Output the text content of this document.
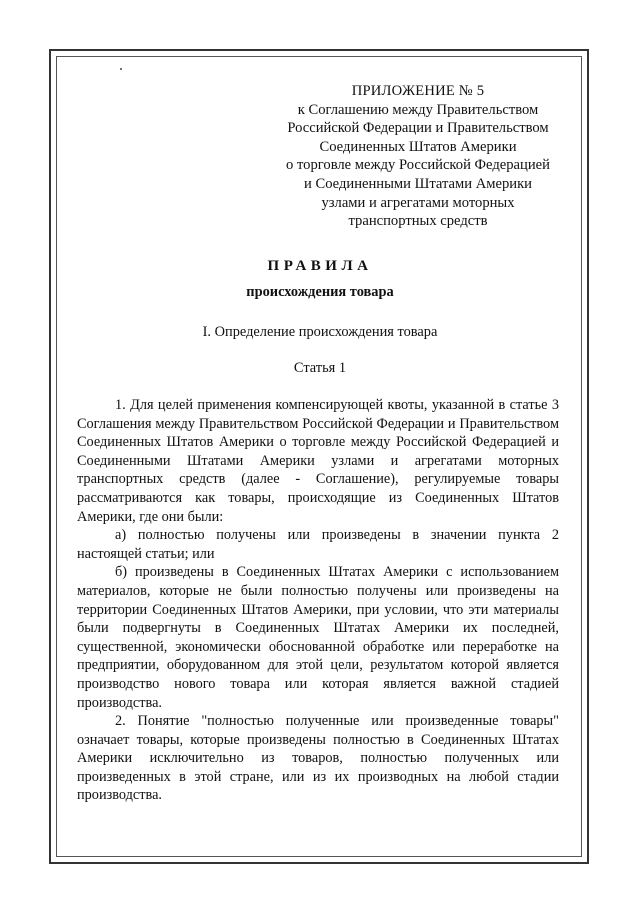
ПРИЛОЖЕНИЕ № 5
к Соглашению между Правительством
Российской Федерации и Правительством
Соединенных Штатов Америки
о торговле между Российской Федерацией
и Соединенными Штатами Америки
узлами и агрегатами моторных
транспортных средств
ПРАВИЛА
происхождения товара
I. Определение происхождения товара
Статья 1

1. Для целей применения компенсирующей квоты, указанной в статье 3 Соглашения между Правительством Российской Федерации и Правительством Соединенных Штатов Америки о торговле между Российской Федерацией и Соединенными Штатами Америки узлами и агрегатами моторных транспортных средств (далее - Соглашение), регулируемые товары рассматриваются как товары, происходящие из Соединенных Штатов Америки, где они были:

а) полностью получены или произведены в значении пункта 2 настоящей статьи; или

б) произведены в Соединенных Штатах Америки с использованием материалов, которые не были полностью получены или произведены на территории Соединенных Штатов Америки, при условии, что эти материалы были подвергнуты в Соединенных Штатах Америки их последней, существенной, экономически обоснованной обработке или переработке на предприятии, оборудованном для этой цели, результатом которой является производство нового товара или которая является важной стадией производства.

2. Понятие "полностью полученные или произведенные товары" означает товары, которые произведены полностью в Соединенных Штатах Америки исключительно из товаров, полностью полученных или произведенных в этой стране, или из их производных на любой стадии производства.
